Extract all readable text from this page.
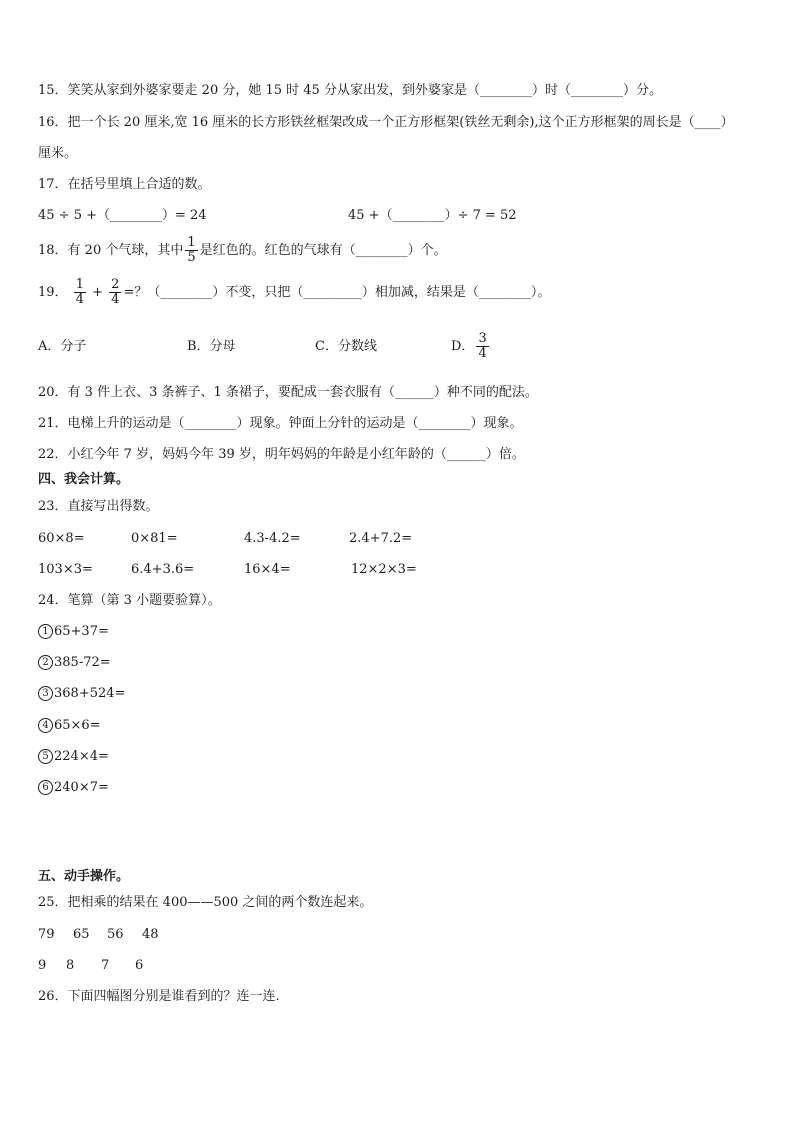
15．笑笑从家到外婆家要走 20 分，她 15 时 45 分从家出发，到外婆家是（________）时（________）分。
16．把一个长 20 厘米,宽 16 厘米的长方形铁丝框架改成一个正方形框架(铁丝无剩余),这个正方形框架的周长是（____）
厘米。
17．在括号里填上合适的数。
45 ÷ 5 +（________）= 24	45 +（________）÷ 7 = 52
18．有 20 个气球，其中 $\frac{1}{5}$ 是红色的。红色的气球有（________）个。
19． $\frac{1}{4} + \frac{2}{4}$ =？（________）不变，只把（_________）相加减，结果是（________）。
A．分子	B．分母	C．分数线	D． $\frac{3}{4}$
20．有 3 件上衣、3 条裤子、1 条裙子，要配成一套衣服有（______）种不同的配法。
21．电梯上升的运动是（________）现象。钟面上分针的运动是（________）现象。
22．小红今年 7 岁，妈妈今年 39 岁，明年妈妈的年龄是小红年龄的（______）倍。
四、我会计算。
23．直接写出得数。
60×8=	0×81=	4.3-4.2=	2.4+7.2=
103×3=	6.4+3.6=	16×4=	12×2×3=
24．笔算（第 3 小题要验算）。
1 65+37=
2 385-72=
3 368+524=
4 65×6=
5 224×4=
6 240×7=
五、动手操作。
25．把相乘的结果在 400——500 之间的两个数连起来。
79 65 56 48
9 8 7 6
26．下面四幅图分别是谁看到的？连一连.
